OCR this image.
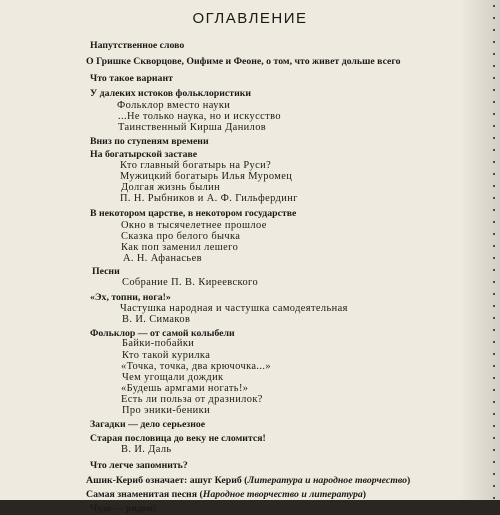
ОГЛАВЛЕНИЕ
Напутственное слово
О Гришке Скворцове, Оифиме и Феоне, о том, что живет дольше всего
Что такое вариант
У далеких истоков фольклористики
Фольклор вместо науки
...Не только наука, но и искусство
Таинственный Кирша Данилов
Вниз по ступеням времени
На богатырской заставе
Кто главный богатырь на Руси?
Мужицкий богатырь Илья Муромец
Долгая жизнь былин
П. Н. Рыбников и А. Ф. Гильфердинг
В некотором царстве, в некотором государстве
Окно в тысячелетнее прошлое
Сказка про белого бычка
Как поп заменил лешего
А. Н. Афанасьев
Песни
Собрание П. В. Киреевского
«Эх, топни, нога!»
Частушка народная и частушка самодеятельная
В. И. Симаков
Фольклор — от самой колыбели
Байки-побайки
Кто такой курилка
«Точка, точка, два крючочка...»
Чем угощали дождик
«Будешь армгами ногать!»
Есть ли польза от дразнилок?
Про эники-беники
Загадки — дело серьезное
Старая пословица до веку не сломится!
В. И. Даль
Что легче запомнить?
Ашик-Кериб означает: ашуг Кериб (Литература и народное творчество)
Самая знаменитая песня (Народное творчество и литература)
Чудо — рядом!
